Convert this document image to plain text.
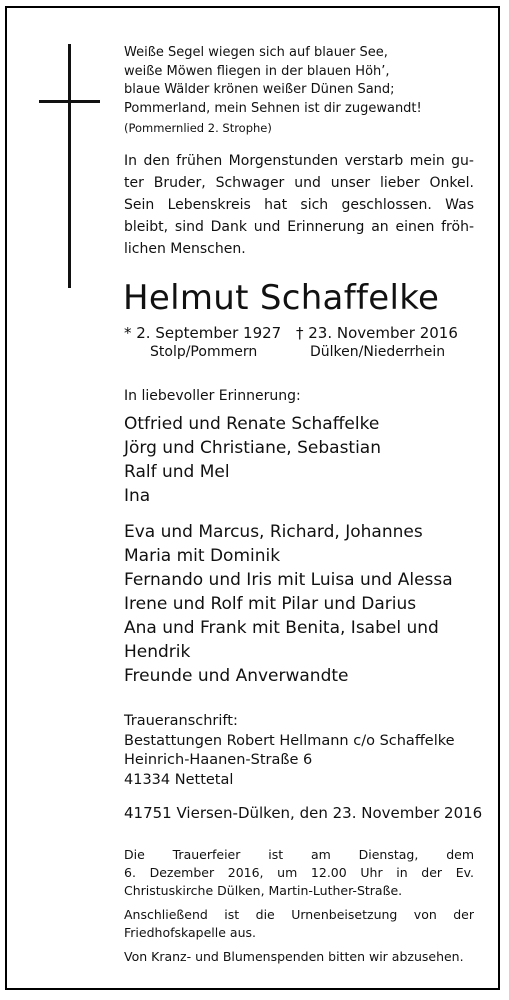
Weiße Segel wiegen sich auf blauer See,
weiße Möwen fliegen in der blauen Höh’,
blaue Wälder krönen weißer Dünen Sand;
Pommerland, mein Sehnen ist dir zugewandt!
(Pommernlied 2. Strophe)
In den frühen Morgenstunden verstarb mein gu-
ter Bruder, Schwager und unser lieber Onkel.
Sein Lebenskreis hat sich geschlossen. Was
bleibt, sind Dank und Erinnerung an einen fröh-
lichen Menschen.
Helmut Schaffelke
* 2. September 1927 † 23. November 2016
Stolp/Pommern	Dülken/Niederrhein
In liebevoller Erinnerung:
Otfried und Renate Schaffelke
Jörg und Christiane, Sebastian
Ralf und Mel
Ina
Eva und Marcus, Richard, Johannes
Maria mit Dominik
Fernando und Iris mit Luisa und Alessa
Irene und Rolf mit Pilar und Darius
Ana und Frank mit Benita, Isabel und
Hendrik
Freunde und Anverwandte
Traueranschrift:
Bestattungen Robert Hellmann c/o Schaffelke
Heinrich-Haanen-Straße 6
41334 Nettetal
41751 Viersen-Dülken, den 23. November 2016
Die Trauerfeier ist am Dienstag, dem
6. Dezember 2016, um 12.00 Uhr in der Ev.
Christuskirche Dülken, Martin-Luther-Straße.
Anschließend ist die Urnenbeisetzung von der
Friedhofskapelle aus.
Von Kranz- und Blumenspenden bitten wir abzusehen.
